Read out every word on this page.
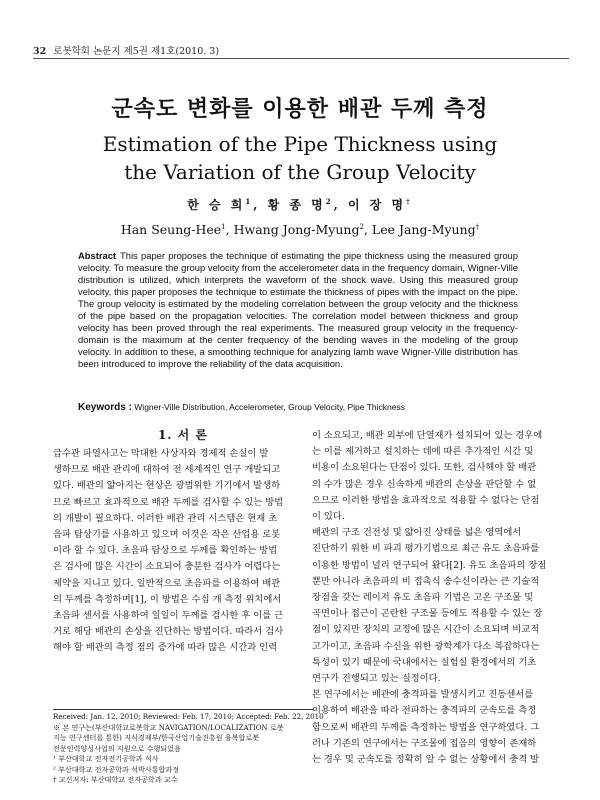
32 로봇학회 논문지 제5권 제1호(2010. 3)
군속도 변화를 이용한 배관 두께 측정
Estimation of the Pipe Thickness using
the Variation of the Group Velocity
한 승 희$^1$, 황 종 명$^2$, 이 장 명†
Han Seung-Hee$^1$, Hwang Jong-Myung$^2$, Lee Jang-Myung†
Abstract This paper proposes the technique of estimating the pipe thickness using the measured group velocity. To measure the group velocity from the accelerometer data in the frequency domain, Wigner-Ville distribution is utilized, which interprets the waveform of the shock wave. Using this measured group velocity, this paper proposes the technique to estimate the thickness of pipes with the impact on the pipe. The group velocity is estimated by the modeling correlation between the group velocity and the thickness of the pipe based on the propagation velocities. The correlation model between thickness and group velocity has been proved through the real experiments. The measured group velocity in the frequency-domain is the maximum at the center frequency of the bending waves in the modeling of the group velocity. In addition to these, a smoothing technique for analyzing lamb wave Wigner-Ville distribution has been introduced to improve the reliability of the data acquisition.
Keywords : Wigner-Ville Distribution, Accelerometer, Group Velocity, Pipe Thickness
1. 서 론
급수관 파열사고는 막대한 사상자와 경제적 손실이 발
생하므로 배관 관리에 대하여 전 세계적인 연구 개발되고
있다. 배관의 얇아지는 현상은 광범위한 기기에서 발생하
므로 빠르고 효과적으로 배관 두께를 검사할 수 있는 방법
의 개발이 필요하다. 이러한 배관 관리 시스템은 현재 초
음파 탐상기를 사용하고 있으며 이것은 작은 산업용 로봇
이라 할 수 있다. 초음파 탐상으로 두께를 확인하는 방법
은 검사에 많은 시간이 소요되어 충분한 검사가 어렵다는
제약을 지니고 있다. 일반적으로 초음파를 이용하여 배관
의 두께를 측정하며[1], 이 방법은 수십 개 측정 위치에서
초음파 센서를 사용하여 일일이 두께를 검사한 후 이를 근
거로 해당 배관의 손상을 진단하는 방법이다. 따라서 검사
해야 할 배관의 측정 점의 증가에 따라 많은 시간과 인력
이 소요되고, 배관 외부에 단열재가 설치되어 있는 경우에
는 이를 제거하고 설치하는 데에 따른 추가적인 시간 및
비용이 소요된다는 단점이 있다. 또한, 검사해야 할 배관
의 수가 많은 경우 신속하게 배관의 손상을 판단할 수 없
으므로 이러한 방법을 효과적으로 적용할 수 없다는 단점
이 있다.
배관의 구조 건전성 및 얇아진 상태를 넓은 영역에서
진단하기 위한 비 파괴 평가기법으로 최근 유도 초음파를
이용한 방법이 널리 연구되어 왔다[2]. 유도 초음파의 장점
뿐만 아니라 초음파의 비 접촉식 송수신이라는 큰 기술적
장점을 갖는 레이저 유도 초음파 기법은 고온 구조물 및
곡면이나 접근이 곤란한 구조물 등에도 적용할 수 있는 장
점이 있지만 장치의 교정에 많은 시간이 소요되며 비교적
고가이고, 초음파 수신을 위한 광학계가 다소 복잡하다는
특성이 있기 때문에 국내에서는 실험실 환경에서의 기초
연구가 진행되고 있는 실정이다.
본 연구에서는 배관에 충격파를 발생시키고 진동센서를
이용하여 배관을 따라 전파하는 충격파의 군속도를 측정
함으로써 배관의 두께를 측정하는 방법을 연구하였다. 그
러나 기존의 연구에서는 구조물에 접음의 영향이 존재하
는 경우 및 군속도를 정확히 알 수 없는 상황에서 충격 발
Received: Jan. 12, 2010; Reviewed: Feb. 17, 2010; Accepted: Feb. 22, 2010
※ 본 연구는(부산대학교로봇학교 NAVIGATION/LOCALIZATION 로봇
지능 연구센터를 통한) 지식경제부/한국산업기술진흥원 융복합로봇
전문인력양성사업의 지원으로 수행되었음
¹ 부산대학교 전자전기공학과 석사
² 부산대학교 전자공학과 석박사통합과정
† 교신저자: 부산대학교 전자공학과 교수
